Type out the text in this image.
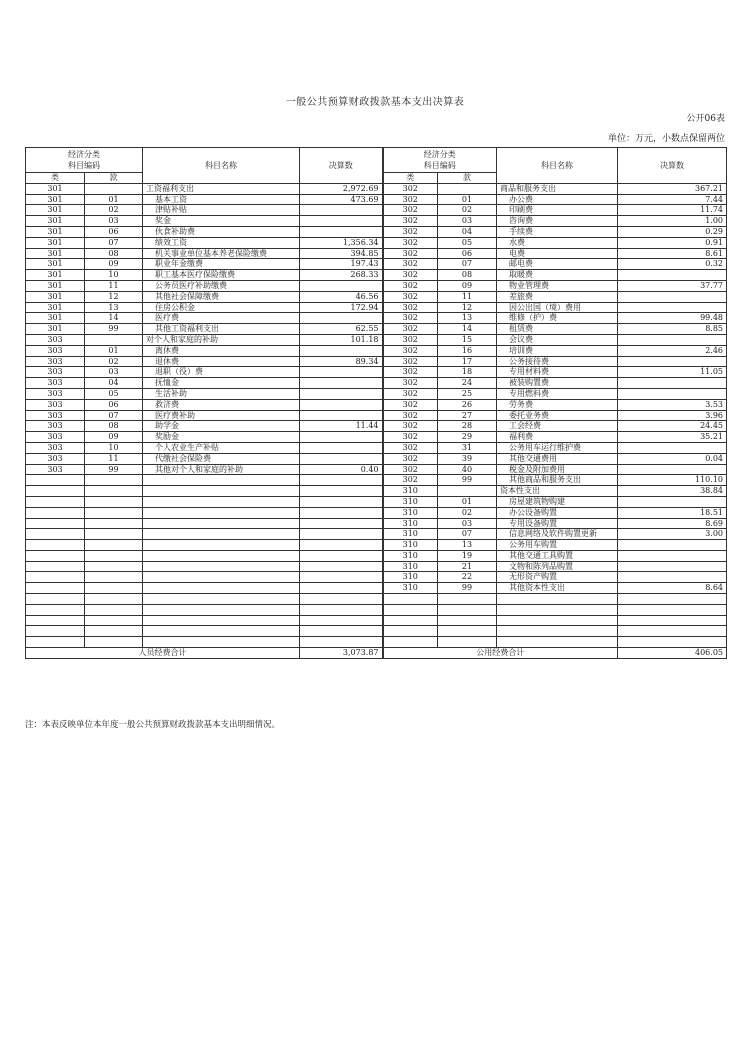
一般公共预算财政拨款基本支出决算表
公开06表
单位：万元，小数点保留两位
经济分类
科目编码		科目名称	决算数	经济分类
科目编码		科目名称	决算数
类	款			类	款		
301		工资福利支出	2,972.69	302		商品和服务支出	367.21
301	01	基本工资	473.69	302	01	办公费	7.44
301	02	津贴补贴		302	02	印刷费	11.74
301	03	奖金		302	03	咨询费	1.00
301	06	伙食补助费		302	04	手续费	0.29
301	07	绩效工资	1,356.34	302	05	水费	0.91
301	08	机关事业单位基本养老保险缴费	394.85	302	06	电费	8.61
301	09	职业年金缴费	197.43	302	07	邮电费	0.32
301	10	职工基本医疗保险缴费	268.33	302	08	取暖费	
301	11	公务员医疗补助缴费		302	09	物业管理费	37.77
301	12	其他社会保障缴费	46.56	302	11	差旅费	
301	13	住房公积金	172.94	302	12	因公出国（境）费用	
301	14	医疗费		302	13	维修（护）费	99.48
301	99	其他工资福利支出	62.55	302	14	租赁费	8.85
303		对个人和家庭的补助	101.18	302	15	会议费	
303	01	离休费		302	16	培训费	2.46
303	02	退休费	89.34	302	17	公务接待费	
303	03	退职（役）费		302	18	专用材料费	11.05
303	04	抚恤金		302	24	被装购置费	
303	05	生活补助		302	25	专用燃料费	
303	06	救济费		302	26	劳务费	3.53
303	07	医疗费补助		302	27	委托业务费	3.96
303	08	助学金	11.44	302	28	工会经费	24.45
303	09	奖励金		302	29	福利费	35.21
303	10	个人农业生产补贴		302	31	公务用车运行维护费	
303	11	代缴社会保险费		302	39	其他交通费用	0.04
303	99	其他对个人和家庭的补助	0.40	302	40	税金及附加费用	
				302	99	其他商品和服务支出	110.10
				310		资本性支出	38.84
				310	01	房屋建筑物购建	
				310	02	办公设备购置	18.51
				310	03	专用设备购置	8.69
				310	07	信息网络及软件购置更新	3.00
				310	13	公务用车购置	
				310	19	其他交通工具购置	
				310	21	文物和陈列品购置	
				310	22	无形资产购置	
				310	99	其他资本性支出	8.64

人员经费合计			3,073.87	公用经费合计			406.05
注：本表反映单位本年度一般公共预算财政拨款基本支出明细情况。
